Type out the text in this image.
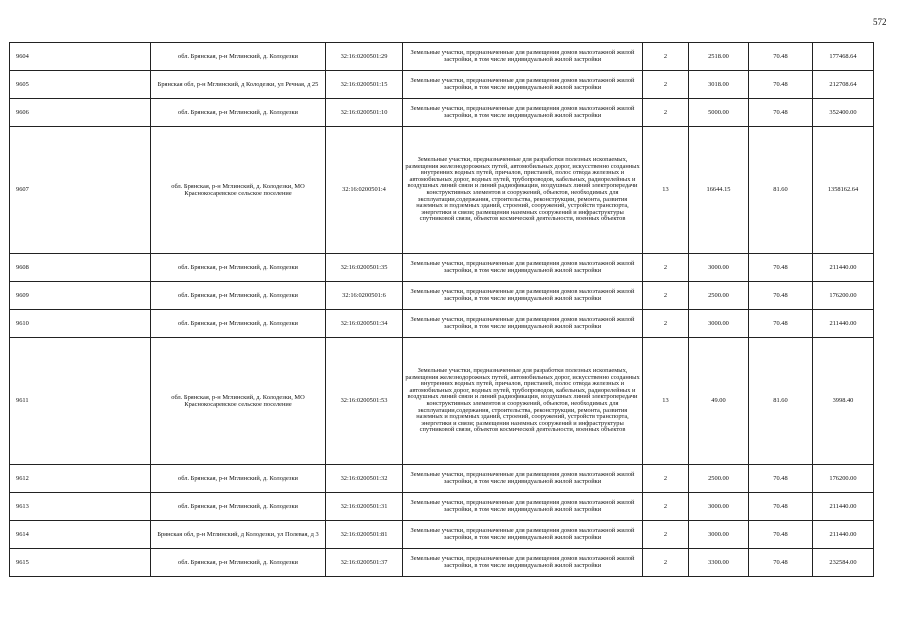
572
9604	обл. Брянская, р-н Мглинский, д. Колодезки	32:16:0200501:29	Земельные участки, предназначенные для размещения домов малоэтажной жилой застройки, в том числе индивидуальной жилой застройки	2	2518.00	70.48	177468.64
9605	Брянская обл, р-н Мглинский, д Колодезки, ул Речная, д 25	32:16:0200501:15	Земельные участки, предназначенные для размещения домов малоэтажной жилой застройки, в том числе индивидуальной жилой застройки	2	3018.00	70.48	212708.64
9606	обл. Брянская, р-н Мглинский, д. Колодезки	32:16:0200501:10	Земельные участки, предназначенные для размещения домов малоэтажной жилой застройки, в том числе индивидуальной жилой застройки	2	5000.00	70.48	352400.00
9607	обл. Брянская, р-н Мглинский, д. Колодезки, МО Краснокосаревское сельское поселение	32:16:0200501:4	Земельные участки, предназначенные для разработки полезных ископаемых, размещения железнодорожных путей, автомобильных дорог, искусственно созданных внутренних водных путей, причалов, пристаней, полос отвода железных и автомобильных дорог, водных путей, трубопроводов, кабельных, радиорелейных и воздушных линий связи и линий радиофикации, воздушных линий электропередачи конструктивных элементов и сооружений, объектов, необходимых для эксплуатации,содержания, строительства, реконструкции, ремонта, развития наземных и подземных зданий, строений, сооружений, устройств транспорта, энергетики и связи; размещения наземных сооружений и инфраструктуры спутниковой связи, объектов космической деятельности, военных объектов	13	16644.15	81.60	1358162.64
9608	обл. Брянская, р-н Мглинский, д. Колодезки	32:16:0200501:35	Земельные участки, предназначенные для размещения домов малоэтажной жилой застройки, в том числе индивидуальной жилой застройки	2	3000.00	70.48	211440.00
9609	обл. Брянская, р-н Мглинский, д. Колодезки	32:16:0200501:6	Земельные участки, предназначенные для размещения домов малоэтажной жилой застройки, в том числе индивидуальной жилой застройки	2	2500.00	70.48	176200.00
9610	обл. Брянская, р-н Мглинский, д. Колодезки	32:16:0200501:34	Земельные участки, предназначенные для размещения домов малоэтажной жилой застройки, в том числе индивидуальной жилой застройки	2	3000.00	70.48	211440.00
9611	обл. Брянская, р-н Мглинский, д. Колодезки, МО Краснокосаревское сельское поселение	32:16:0200501:53	Земельные участки, предназначенные для разработки полезных ископаемых, размещения железнодорожных путей, автомобильных дорог, искусственно созданных внутренних водных путей, причалов, пристаней, полос отвода железных и автомобильных дорог, водных путей, трубопроводов, кабельных, радиорелейных и воздушных линий связи и линий радиофикации, воздушных линий электропередачи конструктивных элементов и сооружений, объектов, необходимых для эксплуатации,содержания, строительства, реконструкции, ремонта, развития наземных и подземных зданий, строений, сооружений, устройств транспорта, энергетики и связи; размещения наземных сооружений и инфраструктуры спутниковой связи, объектов космической деятельности, военных объектов	13	49.00	81.60	3998.40
9612	обл. Брянская, р-н Мглинский, д. Колодезки	32:16:0200501:32	Земельные участки, предназначенные для размещения домов малоэтажной жилой застройки, в том числе индивидуальной жилой застройки	2	2500.00	70.48	176200.00
9613	обл. Брянская, р-н Мглинский, д. Колодезки	32:16:0200501:31	Земельные участки, предназначенные для размещения домов малоэтажной жилой застройки, в том числе индивидуальной жилой застройки	2	3000.00	70.48	211440.00
9614	Брянская обл, р-н Мглинский, д Колодезки, ул Полевая, д 3	32:16:0200501:81	Земельные участки, предназначенные для размещения домов малоэтажной жилой застройки, в том числе индивидуальной жилой застройки	2	3000.00	70.48	211440.00
9615	обл. Брянская, р-н Мглинский, д. Колодезки	32:16:0200501:37	Земельные участки, предназначенные для размещения домов малоэтажной жилой застройки, в том числе индивидуальной жилой застройки	2	3300.00	70.48	232584.00
